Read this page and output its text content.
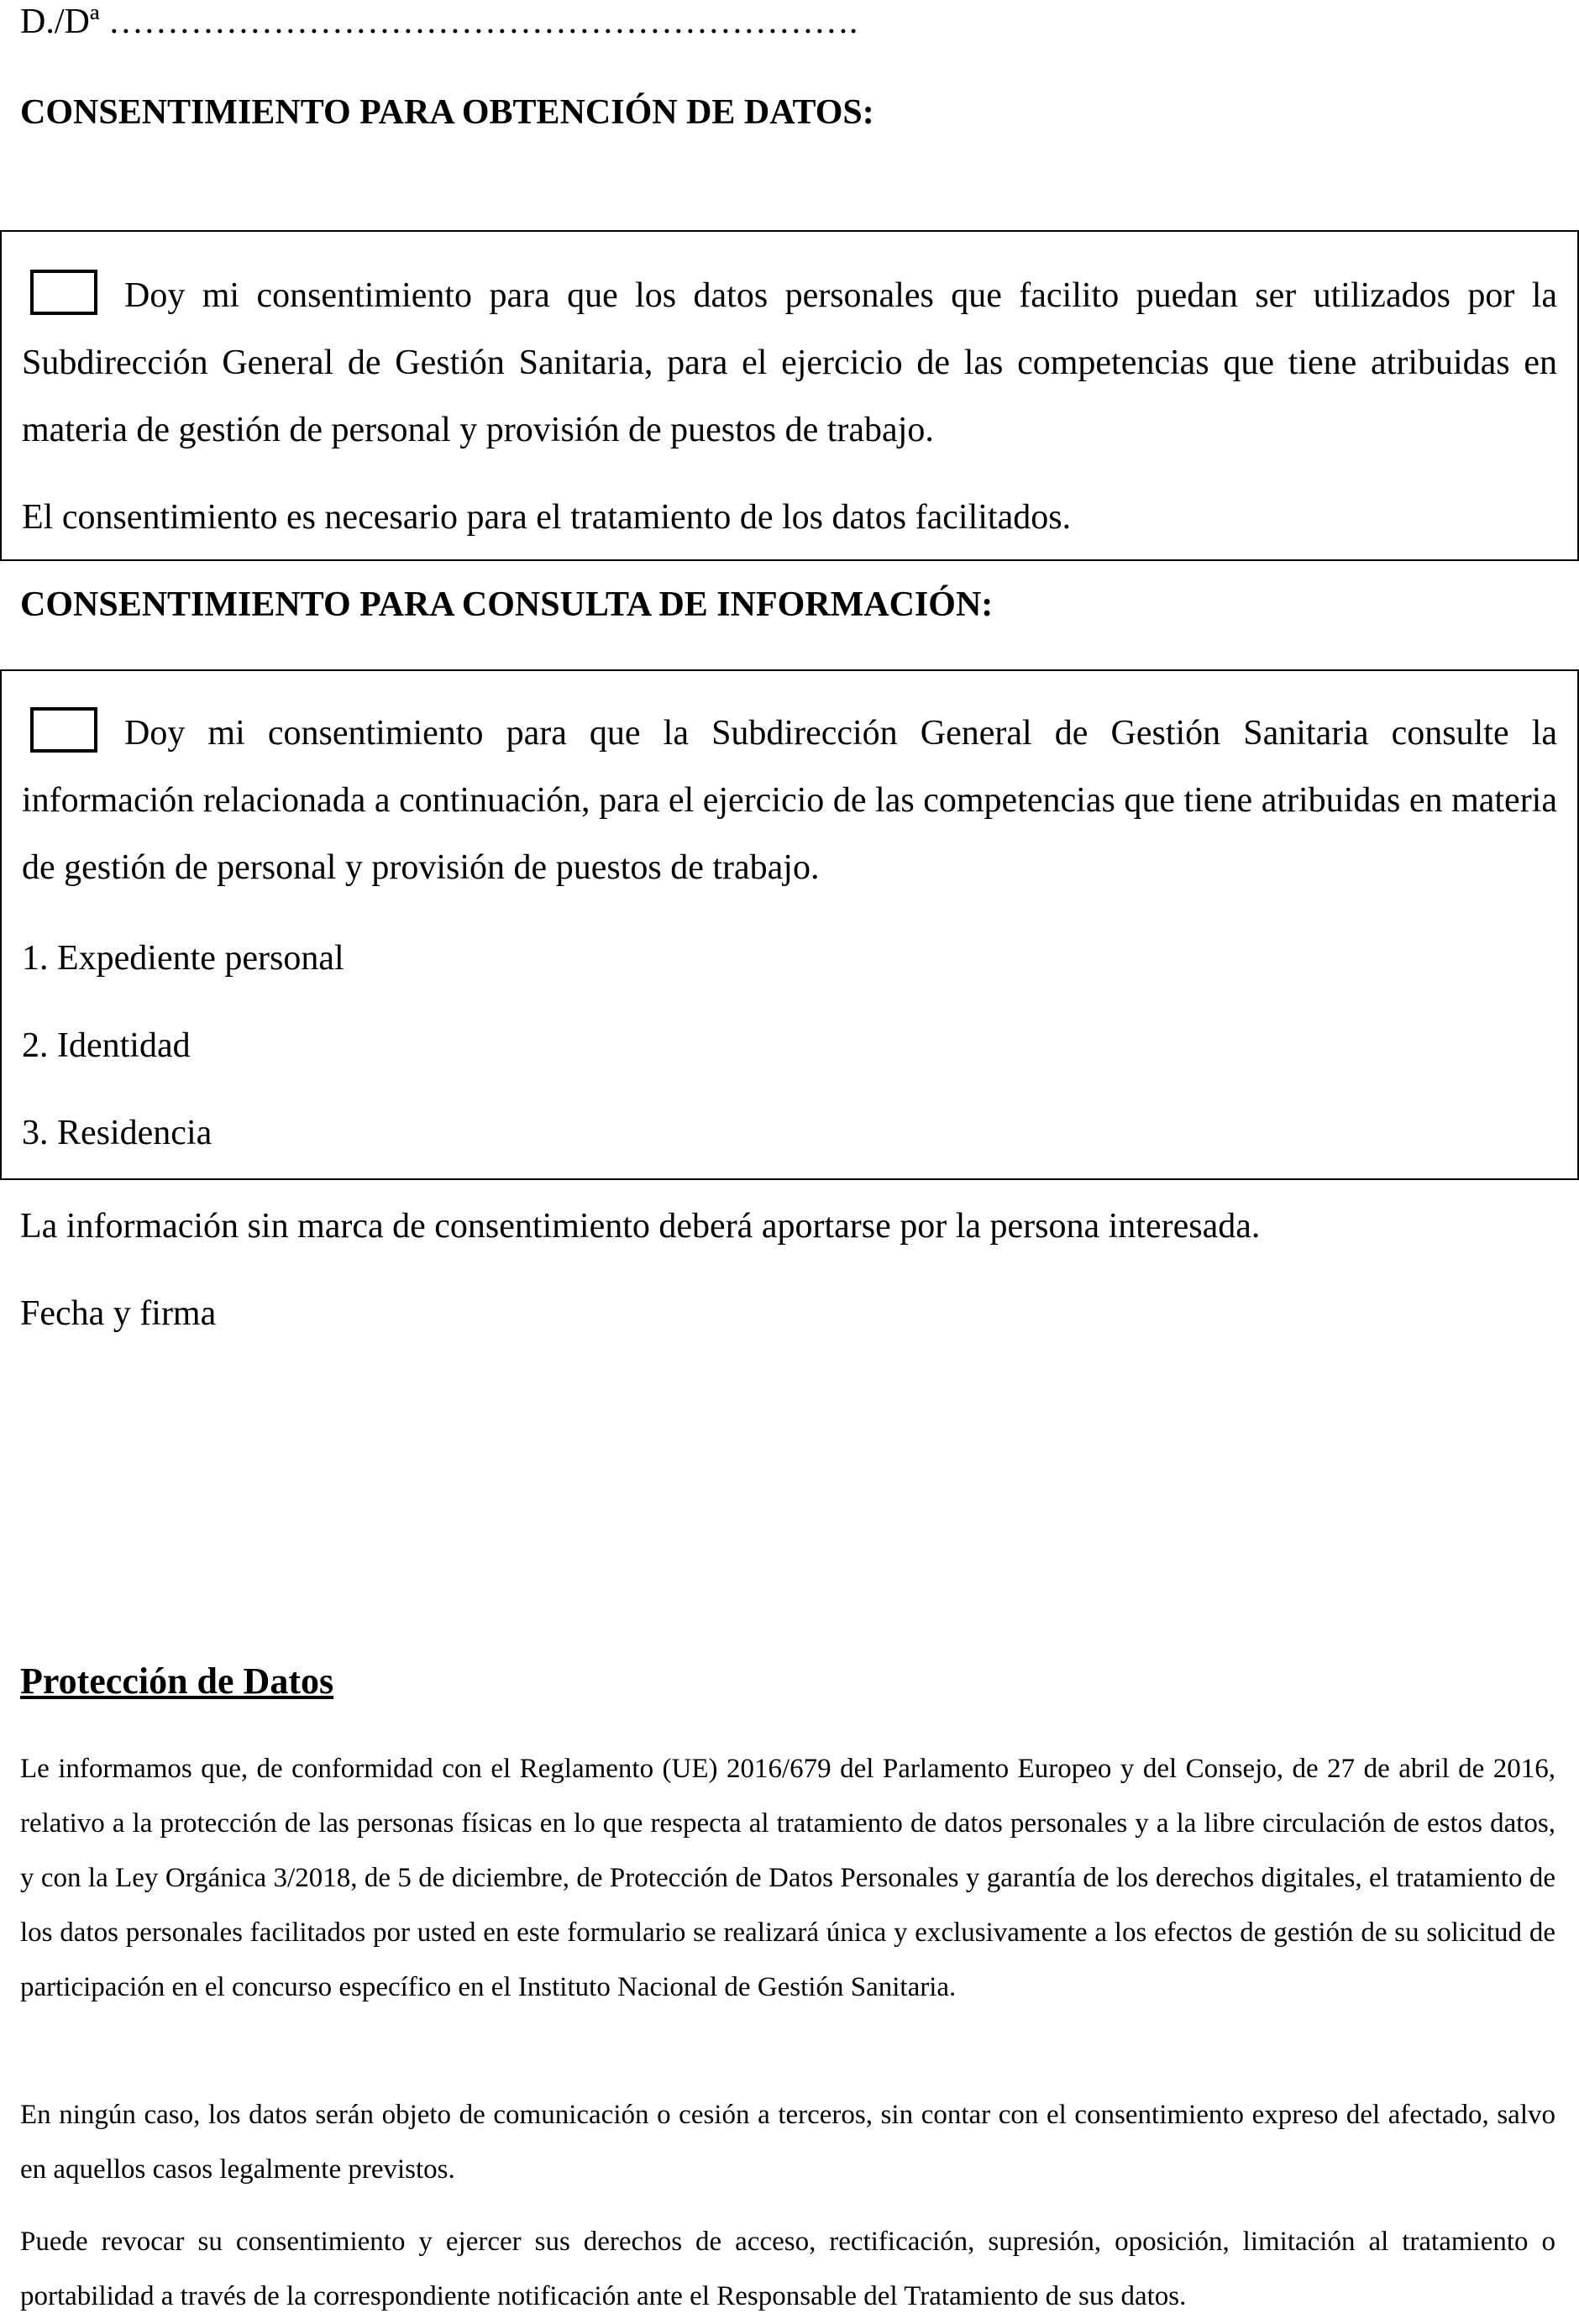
D./Dª ……………………………………………………….
CONSENTIMIENTO PARA OBTENCIÓN DE DATOS:
Doy mi consentimiento para que los datos personales que facilito puedan ser utilizados por la Subdirección General de Gestión Sanitaria, para el ejercicio de las competencias que tiene atribuidas en materia de gestión de personal y provisión de puestos de trabajo.
El consentimiento es necesario para el tratamiento de los datos facilitados.
CONSENTIMIENTO PARA CONSULTA DE INFORMACIÓN:
Doy mi consentimiento para que la Subdirección General de Gestión Sanitaria consulte la información relacionada a continuación, para el ejercicio de las competencias que tiene atribuidas en materia de gestión de personal y provisión de puestos de trabajo.
1. Expediente personal
2. Identidad
3. Residencia
La información sin marca de consentimiento deberá aportarse por la persona interesada.
Fecha y firma
Protección de Datos
Le informamos que, de conformidad con el Reglamento (UE) 2016/679 del Parlamento Europeo y del Consejo, de 27 de abril de 2016, relativo a la protección de las personas físicas en lo que respecta al tratamiento de datos personales y a la libre circulación de estos datos, y con la Ley Orgánica 3/2018, de 5 de diciembre, de Protección de Datos Personales y garantía de los derechos digitales, el tratamiento de los datos personales facilitados por usted en este formulario se realizará única y exclusivamente a los efectos de gestión de su solicitud de participación en el concurso específico en el Instituto Nacional de Gestión Sanitaria.
En ningún caso, los datos serán objeto de comunicación o cesión a terceros, sin contar con el consentimiento expreso del afectado, salvo en aquellos casos legalmente previstos.
Puede revocar su consentimiento y ejercer sus derechos de acceso, rectificación, supresión, oposición, limitación al tratamiento o portabilidad a través de la correspondiente notificación ante el Responsable del Tratamiento de sus datos.
